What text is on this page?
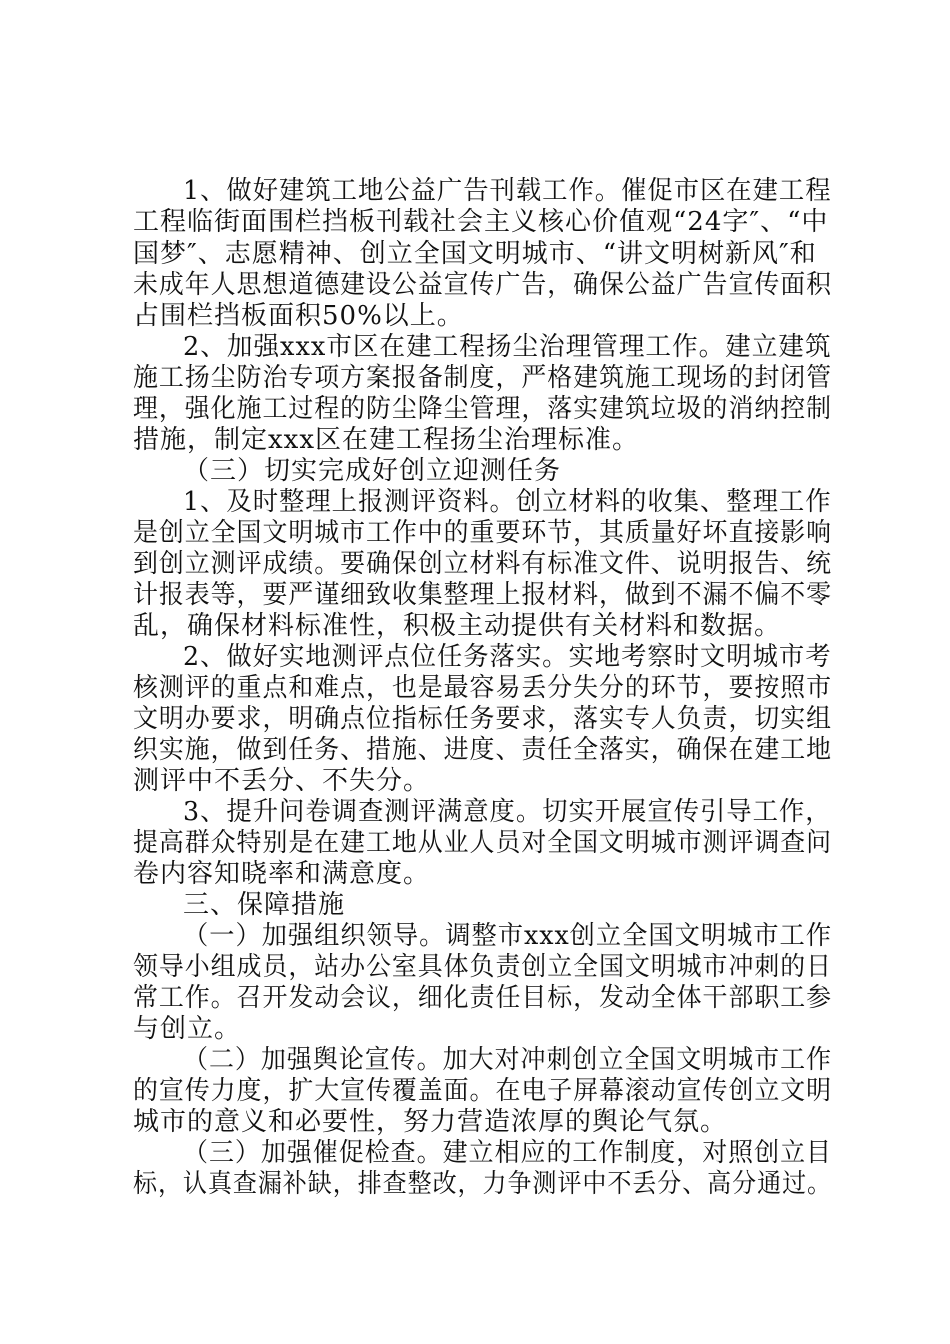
1、做好建筑工地公益广告刊载工作。催促市区在建工程
工程临街面围栏挡板刊载社会主义核心价值观“24字″、“中
国梦″、志愿精神、创立全国文明城市、“讲文明树新风″和
未成年人思想道德建设公益宣传广告，确保公益广告宣传面积
占围栏挡板面积50%以上。
2、加强xxx市区在建工程扬尘治理管理工作。建立建筑
施工扬尘防治专项方案报备制度，严格建筑施工现场的封闭管
理，强化施工过程的防尘降尘管理，落实建筑垃圾的消纳控制
措施，制定xxx区在建工程扬尘治理标准。
（三）切实完成好创立迎测任务
1、及时整理上报测评资料。创立材料的收集、整理工作
是创立全国文明城市工作中的重要环节，其质量好坏直接影响
到创立测评成绩。要确保创立材料有标准文件、说明报告、统
计报表等，要严谨细致收集整理上报材料，做到不漏不偏不零
乱，确保材料标准性，积极主动提供有关材料和数据。
2、做好实地测评点位任务落实。实地考察时文明城市考
核测评的重点和难点，也是最容易丢分失分的环节，要按照市
文明办要求，明确点位指标任务要求，落实专人负责，切实组
织实施，做到任务、措施、进度、责任全落实，确保在建工地
测评中不丢分、不失分。
3、提升问卷调查测评满意度。切实开展宣传引导工作，
提高群众特别是在建工地从业人员对全国文明城市测评调查问
卷内容知晓率和满意度。
三、保障措施
（一）加强组织领导。调整市xxx创立全国文明城市工作
领导小组成员，站办公室具体负责创立全国文明城市冲刺的日
常工作。召开发动会议，细化责任目标，发动全体干部职工参
与创立。
（二）加强舆论宣传。加大对冲刺创立全国文明城市工作
的宣传力度，扩大宣传覆盖面。在电子屏幕滚动宣传创立文明
城市的意义和必要性，努力营造浓厚的舆论气氛。
（三）加强催促检查。建立相应的工作制度，对照创立目
标，认真查漏补缺，排查整改，力争测评中不丢分、高分通过。
